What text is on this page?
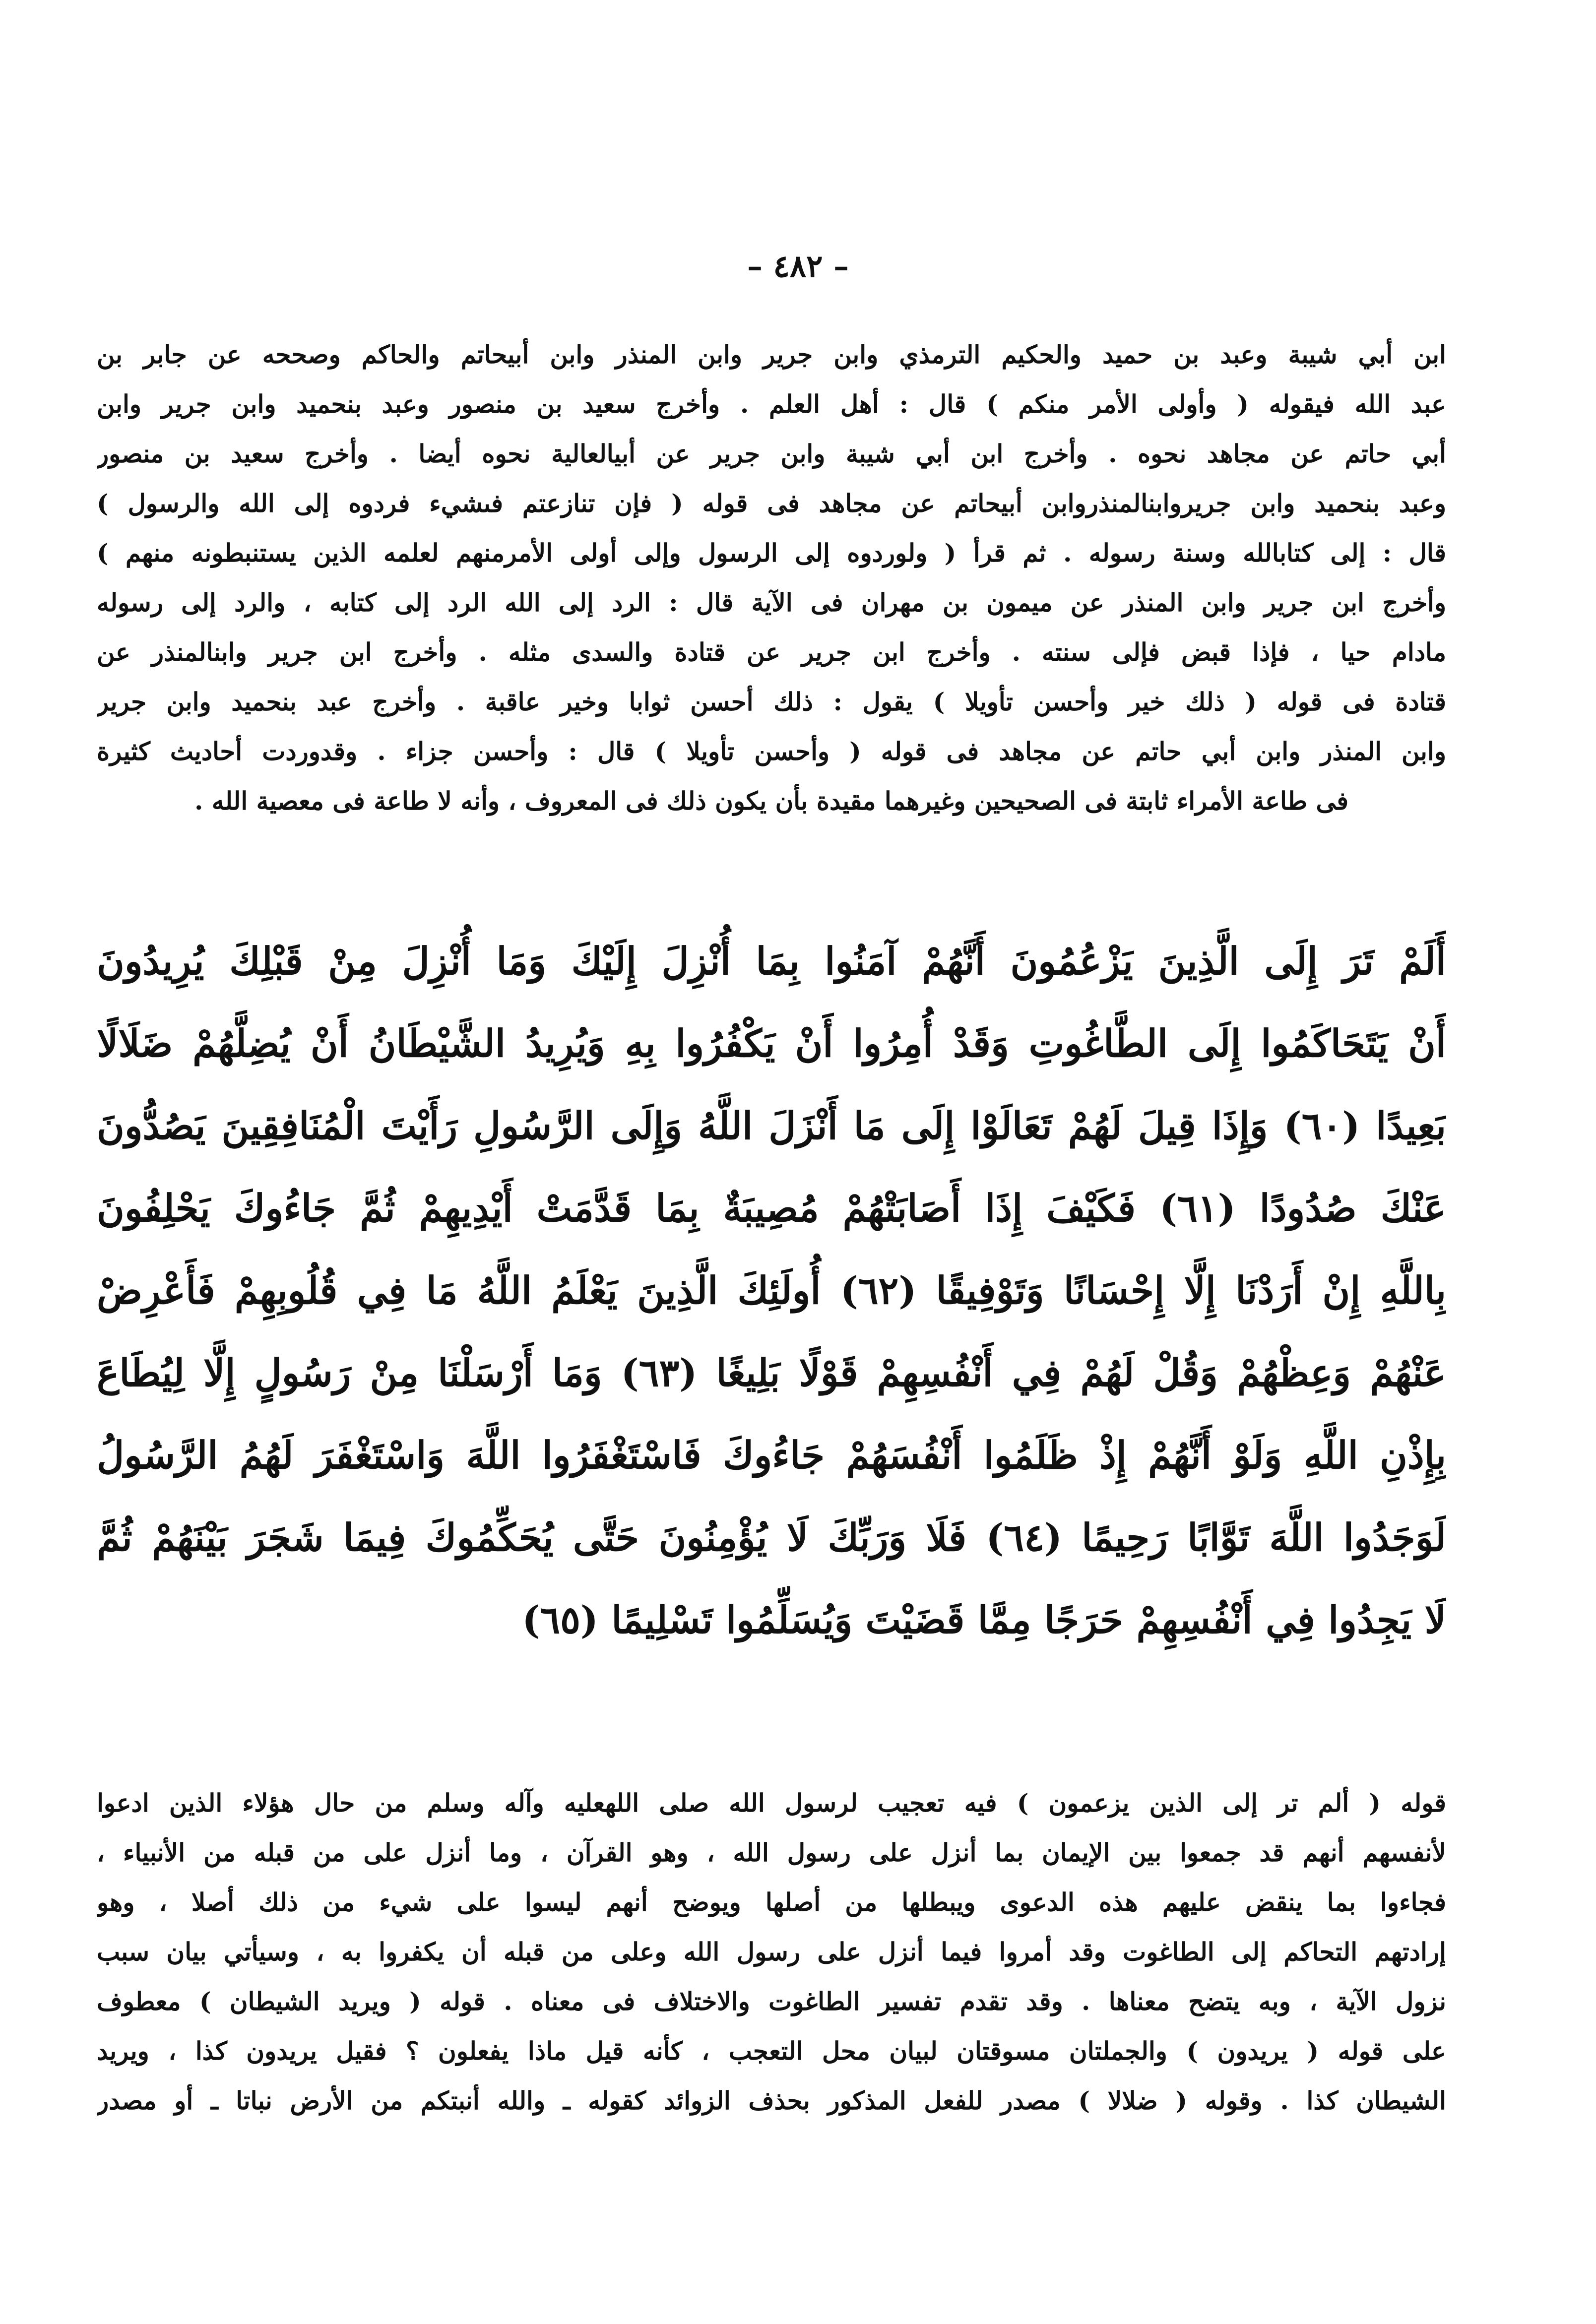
– ٤٨٢ –
ابن أبي شيبة وعبد بن حميد والحكيم الترمذي وابن جرير وابن المنذر وابن أبيحاتم والحاكم وصححه عن جابر بن
عبد الله فيقوله ( وأولى الأمر منكم ) قال : أهل العلم . وأخرج سعيد بن منصور وعبد بنحميد وابن جرير وابن
أبي حاتم عن مجاهد نحوه . وأخرج ابن أبي شيبة وابن جرير عن أبيالعالية نحوه أيضا . وأخرج سعيد بن منصور
وعبد بنحميد وابن جريروابنالمنذروابن أبيحاتم عن مجاهد فى قوله ( فإن تنازعتم فىشيء فردوه إلى الله والرسول )
قال : إلى كتابالله وسنة رسوله . ثم قرأ ( ولوردوه إلى الرسول وإلى أولى الأمرمنهم لعلمه الذين يستنبطونه منهم )
وأخرج ابن جرير وابن المنذر عن ميمون بن مهران فى الآية قال : الرد إلى الله الرد إلى كتابه ، والرد إلى رسوله
مادام حيا ، فإذا قبض فإلى سنته . وأخرج ابن جرير عن قتادة والسدى مثله . وأخرج ابن جرير وابنالمنذر عن
قتادة فى قوله ( ذلك خير وأحسن تأويلا ) يقول : ذلك أحسن ثوابا وخير عاقبة . وأخرج عبد بنحميد وابن جرير
وابن المنذر وابن أبي حاتم عن مجاهد فى قوله ( وأحسن تأويلا ) قال : وأحسن جزاء . وقدوردت أحاديث كثيرة
فى طاعة الأمراء ثابتة فى الصحيحين وغيرهما مقيدة بأن يكون ذلك فى المعروف ، وأنه لا طاعة فى معصية الله .
أَلَمْ تَرَ إِلَى الَّذِينَ يَزْعُمُونَ أَنَّهُمْ آمَنُوا بِمَا أُنْزِلَ إِلَيْكَ وَمَا أُنْزِلَ مِنْ قَبْلِكَ يُرِيدُونَ
أَنْ يَتَحَاكَمُوا إِلَى الطَّاغُوتِ وَقَدْ أُمِرُوا أَنْ يَكْفُرُوا بِهِ وَيُرِيدُ الشَّيْطَانُ أَنْ يُضِلَّهُمْ ضَلَالًا
بَعِيدًا (٦٠) وَإِذَا قِيلَ لَهُمْ تَعَالَوْا إِلَى مَا أَنْزَلَ اللَّهُ وَإِلَى الرَّسُولِ رَأَيْتَ الْمُنَافِقِينَ يَصُدُّونَ
عَنْكَ صُدُودًا (٦١) فَكَيْفَ إِذَا أَصَابَتْهُمْ مُصِيبَةٌ بِمَا قَدَّمَتْ أَيْدِيهِمْ ثُمَّ جَاءُوكَ يَحْلِفُونَ
بِاللَّهِ إِنْ أَرَدْنَا إِلَّا إِحْسَانًا وَتَوْفِيقًا (٦٢) أُولَئِكَ الَّذِينَ يَعْلَمُ اللَّهُ مَا فِي قُلُوبِهِمْ فَأَعْرِضْ
عَنْهُمْ وَعِظْهُمْ وَقُلْ لَهُمْ فِي أَنْفُسِهِمْ قَوْلًا بَلِيغًا (٦٣) وَمَا أَرْسَلْنَا مِنْ رَسُولٍ إِلَّا لِيُطَاعَ
بِإِذْنِ اللَّهِ وَلَوْ أَنَّهُمْ إِذْ ظَلَمُوا أَنْفُسَهُمْ جَاءُوكَ فَاسْتَغْفَرُوا اللَّهَ وَاسْتَغْفَرَ لَهُمُ الرَّسُولُ
لَوَجَدُوا اللَّهَ تَوَّابًا رَحِيمًا (٦٤) فَلَا وَرَبِّكَ لَا يُؤْمِنُونَ حَتَّى يُحَكِّمُوكَ فِيمَا شَجَرَ بَيْنَهُمْ ثُمَّ
لَا يَجِدُوا فِي أَنْفُسِهِمْ حَرَجًا مِمَّا قَضَيْتَ وَيُسَلِّمُوا تَسْلِيمًا (٦٥)
قوله ( ألم تر إلى الذين يزعمون ) فيه تعجيب لرسول الله صلى اللهعليه وآله وسلم من حال هؤلاء الذين ادعوا
لأنفسهم أنهم قد جمعوا بين الإيمان بما أنزل على رسول الله ، وهو القرآن ، وما أنزل على من قبله من الأنبياء ،
فجاءوا بما ينقض عليهم هذه الدعوى ويبطلها من أصلها ويوضح أنهم ليسوا على شيء من ذلك أصلا ، وهو
إرادتهم التحاكم إلى الطاغوت وقد أمروا فيما أنزل على رسول الله وعلى من قبله أن يكفروا به ، وسيأتي بيان سبب
نزول الآية ، وبه يتضح معناها . وقد تقدم تفسير الطاغوت والاختلاف فى معناه . قوله ( ويريد الشيطان ) معطوف
على قوله ( يريدون ) والجملتان مسوقتان لبيان محل التعجب ، كأنه قيل ماذا يفعلون ؟ فقيل يريدون كذا ، ويريد
الشيطان كذا . وقوله ( ضلالا ) مصدر للفعل المذكور بحذف الزوائد كقوله ـ والله أنبتكم من الأرض نباتا ـ أو مصدر
